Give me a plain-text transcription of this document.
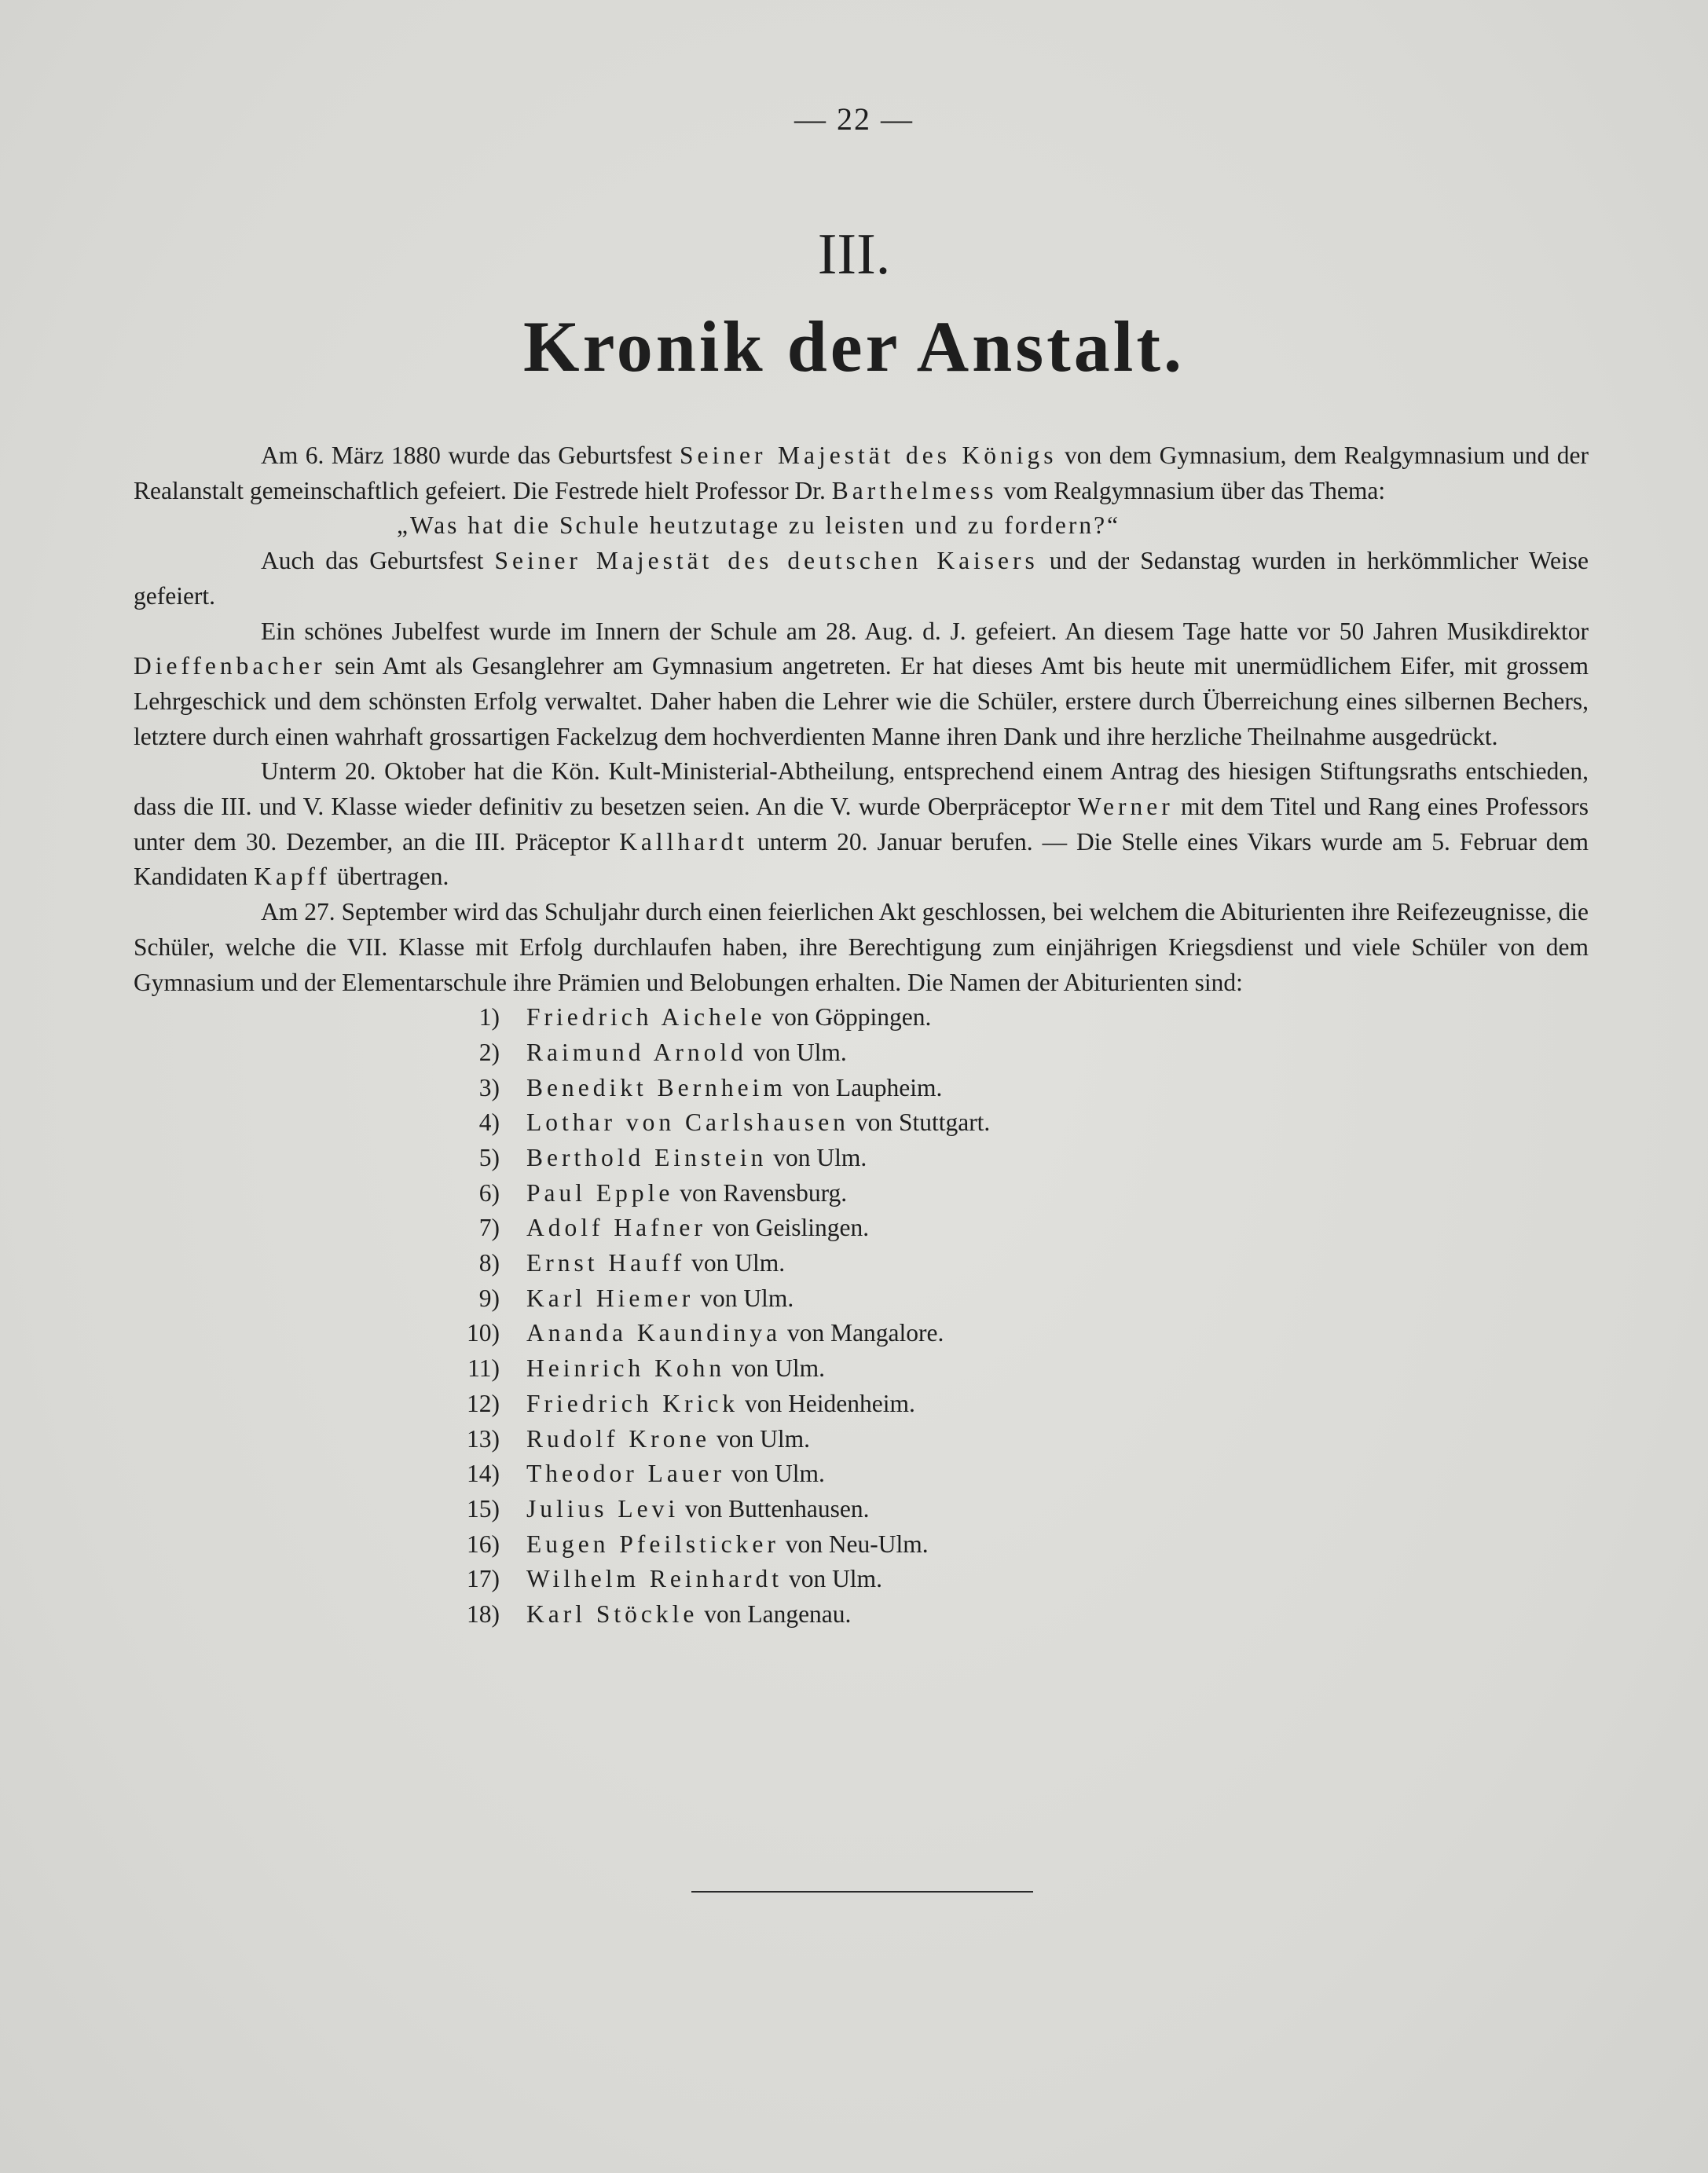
— 22 —
III.
Kronik der Anstalt.

Am 6. März 1880 wurde das Geburtsfest Seiner Majestät des Königs von dem Gymnasium, dem Realgymnasium und der Realanstalt gemeinschaftlich gefeiert. Die Festrede hielt Professor Dr. Barthelmess vom Realgymnasium über das Thema:

„Was hat die Schule heutzutage zu leisten und zu fordern?“

Auch das Geburtsfest Seiner Majestät des deutschen Kaisers und der Sedanstag wurden in herkömmlicher Weise gefeiert.

Ein schönes Jubelfest wurde im Innern der Schule am 28. Aug. d. J. gefeiert. An diesem Tage hatte vor 50 Jahren Musikdirektor Dieffenbacher sein Amt als Gesanglehrer am Gymnasium angetreten. Er hat dieses Amt bis heute mit unermüdlichem Eifer, mit grossem Lehrgeschick und dem schönsten Erfolg verwaltet. Daher haben die Lehrer wie die Schüler, erstere durch Überreichung eines silbernen Bechers, letztere durch einen wahrhaft grossartigen Fackelzug dem hochverdienten Manne ihren Dank und ihre herzliche Theilnahme ausgedrückt.

Unterm 20. Oktober hat die Kön. Kult-Ministerial-Abtheilung, entsprechend einem Antrag des hiesigen Stiftungsraths entschieden, dass die III. und V. Klasse wieder definitiv zu besetzen seien. An die V. wurde Oberpräceptor Werner mit dem Titel und Rang eines Professors unter dem 30. Dezember, an die III. Präceptor Kallhardt unterm 20. Januar berufen. — Die Stelle eines Vikars wurde am 5. Februar dem Kandidaten Kapff übertragen.

Am 27. September wird das Schuljahr durch einen feierlichen Akt geschlossen, bei welchem die Abiturienten ihre Reifezeugnisse, die Schüler, welche die VII. Klasse mit Erfolg durchlaufen haben, ihre Berechtigung zum einjährigen Kriegsdienst und viele Schüler von dem Gymnasium und der Elementarschule ihre Prämien und Belobungen erhalten. Die Namen der Abiturienten sind:

1) Friedrich Aichele von Göppingen.
2) Raimund Arnold von Ulm.
3) Benedikt Bernheim von Laupheim.
4) Lothar von Carlshausen von Stuttgart.
5) Berthold Einstein von Ulm.
6) Paul Epple von Ravensburg.
7) Adolf Hafner von Geislingen.
8) Ernst Hauff von Ulm.
9) Karl Hiemer von Ulm.
10) Ananda Kaundinya von Mangalore.
11) Heinrich Kohn von Ulm.
12) Friedrich Krick von Heidenheim.
13) Rudolf Krone von Ulm.
14) Theodor Lauer von Ulm.
15) Julius Levi von Buttenhausen.
16) Eugen Pfeilsticker von Neu-Ulm.
17) Wilhelm Reinhardt von Ulm.
18) Karl Stöckle von Langenau.
